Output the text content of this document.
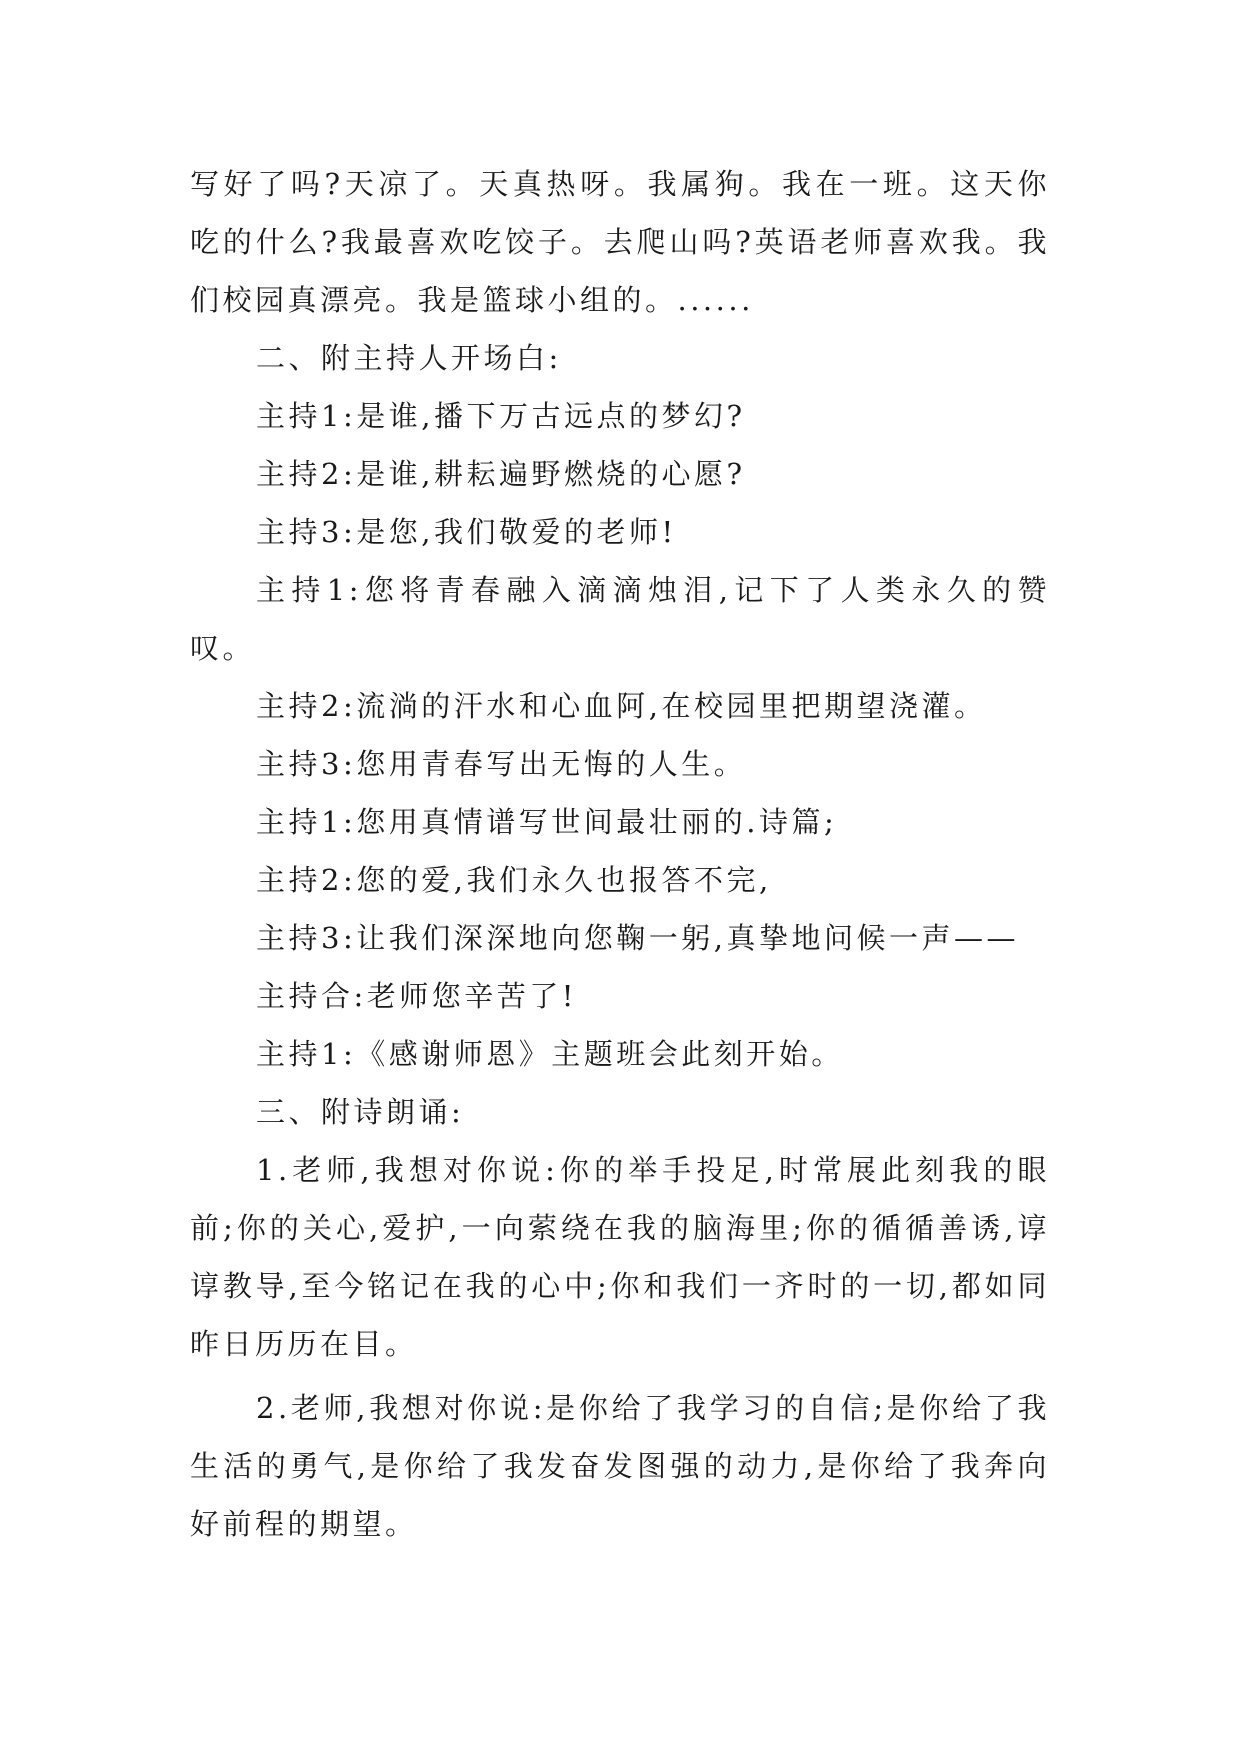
写好了吗?天凉了。天真热呀。我属狗。我在一班。这天你吃的什么?我最喜欢吃饺子。去爬山吗?英语老师喜欢我。我们校园真漂亮。我是篮球小组的。......

二、附主持人开场白:

主持1:是谁,播下万古远点的梦幻?

主持2:是谁,耕耘遍野燃烧的心愿?

主持3:是您,我们敬爱的老师!

主持1:您将青春融入滴滴烛泪,记下了人类永久的赞叹。

主持2:流淌的汗水和心血阿,在校园里把期望浇灌。

主持3:您用青春写出无悔的人生。

主持1:您用真情谱写世间最壮丽的.诗篇;

主持2:您的爱,我们永久也报答不完,

主持3:让我们深深地向您鞠一躬,真挚地问候一声——

主持合:老师您辛苦了!

主持1:《感谢师恩》主题班会此刻开始。

三、附诗朗诵:

1.老师,我想对你说:你的举手投足,时常展此刻我的眼前;你的关心,爱护,一向萦绕在我的脑海里;你的循循善诱,谆谆教导,至今铭记在我的心中;你和我们一齐时的一切,都如同昨日历历在目。

2.老师,我想对你说:是你给了我学习的自信;是你给了我生活的勇气,是你给了我发奋发图强的动力,是你给了我奔向好前程的期望。
